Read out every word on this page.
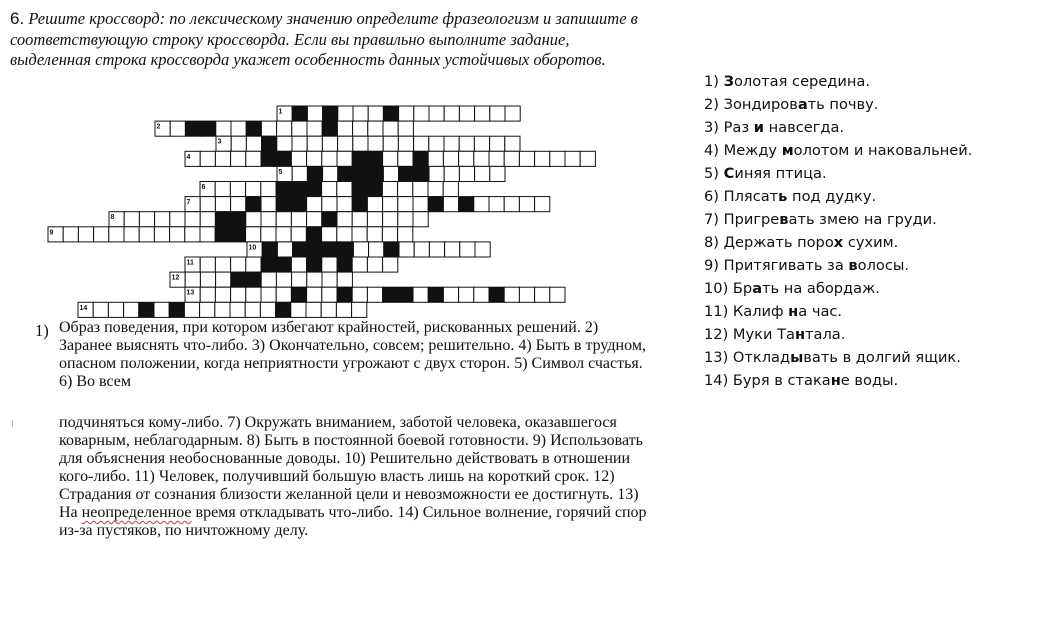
6. Решите кроссворд: по лексическому значению определите фразеологизм и запишите в соответствующую строку кроссворда. Если вы правильно выполните задание, выделенная строка кроссворда укажет особенность данных устойчивых оборотов.
1
2
3
4
5
6
7
8
9
10
11
12
13
14
1) Образ поведения, при котором избегают крайностей, рискованных решений. 2) Заранее выяснять что-либо. 3) Окончательно, совсем; решительно. 4) Быть в трудном, опасном положении, когда неприятности угрожают с двух сторон. 5) Символ счастья. 6) Во всем
подчиняться кому-либо. 7) Окружать вниманием, заботой человека, оказавшегося коварным, неблагодарным. 8) Быть в постоянной боевой готовности. 9) Использовать для объяснения необоснованные доводы. 10) Решительно действовать в отношении кого-либо. 11) Человек, получивший большую власть лишь на короткий срок. 12) Страдания от сознания близости желанной цели и невозможности ее достигнуть. 13) На неопределенное время откладывать что-либо. 14) Сильное волнение, горячий спор из-за пустяков, по ничтожному делу.
1) Золотая середина.
2) Зондировать почву.
3) Раз и навсегда.
4) Между молотом и наковальней.
5) Синяя птица.
6) Плясать под дудку.
7) Пригревать змею на груди.
8) Держать порох сухим.
9) Притягивать за волосы.
10) Брать на абордаж.
11) Калиф на час.
12) Муки Тантала.
13) Откладывать в долгий ящик.
14) Буря в стакане воды.
